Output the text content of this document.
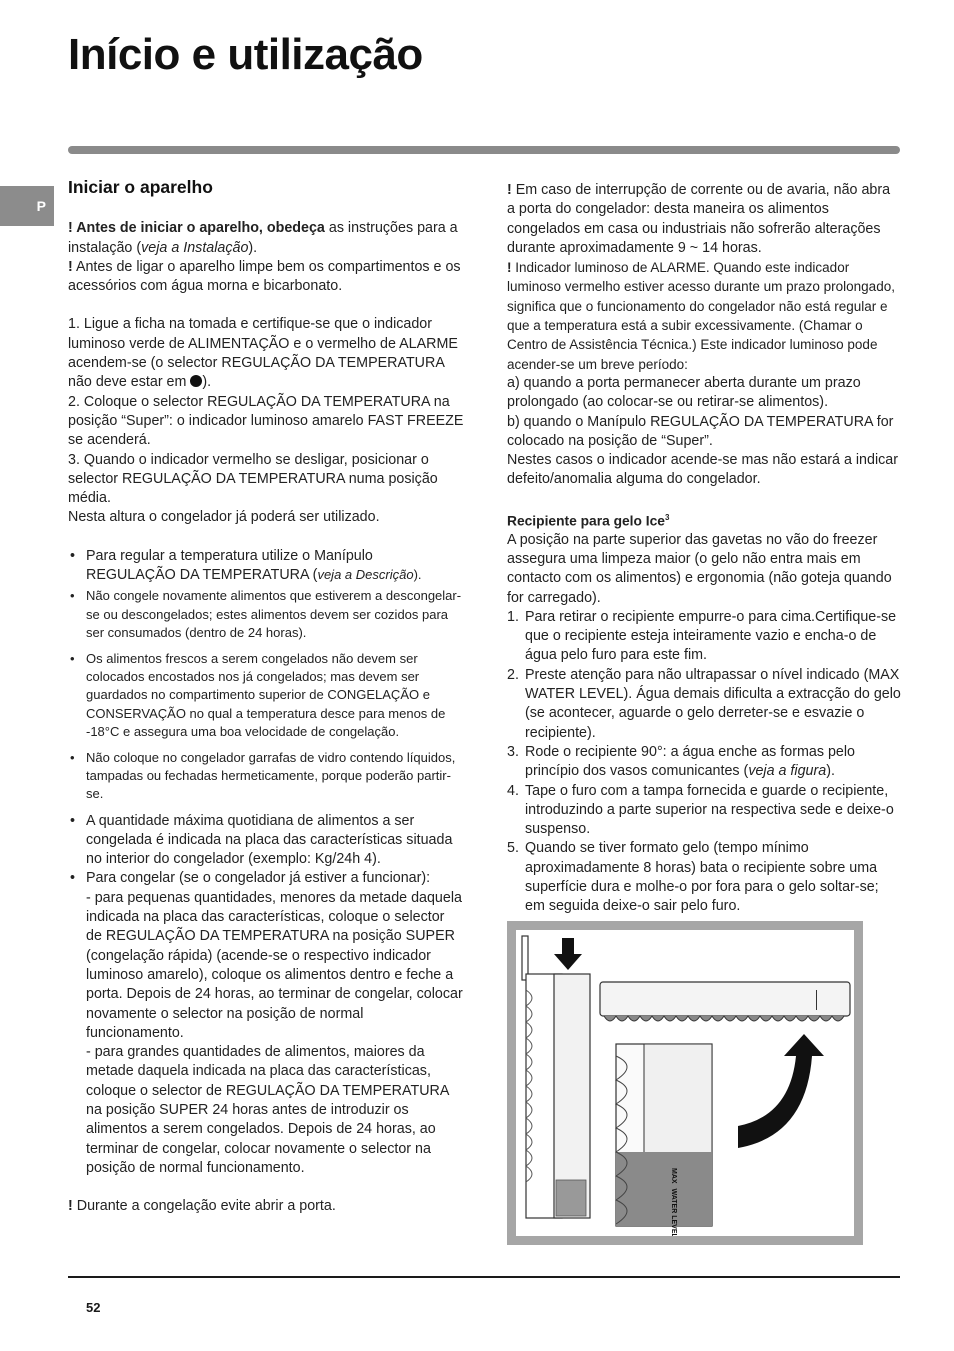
Início e utilização
P
Iniciar o aparelho

! Antes de iniciar o aparelho, obedeça as instruções para a instalação (veja a Instalação).

! Antes de ligar o aparelho limpe bem os compartimentos e os acessórios com água morna e bicarbonato.

1. Ligue a ficha na tomada e certifique-se que o indicador luminoso verde de ALIMENTAÇÃO e o vermelho de ALARME acendem-se (o selector REGULAÇÃO DA TEMPERATURA não deve estar em ).

2. Coloque o selector REGULAÇÃO DA TEMPERATURA na posição “Super”: o indicador luminoso amarelo FAST FREEZE se acenderá.

3. Quando o indicador vermelho se desligar, posicionar o selector REGULAÇÃO DA TEMPERATURA numa posição média.

Nesta altura o congelador já poderá ser utilizado.

• Para regular a temperatura utilize o Manípulo REGULAÇÃO DA TEMPERATURA (veja a Descrição).
• Não congele novamente alimentos que estiverem a descongelar-se ou descongelados; estes alimentos devem ser cozidos para ser consumados (dentro de 24 horas).
• Os alimentos frescos a serem congelados não devem ser colocados encostados nos já congelados; mas devem ser guardados no compartimento superior de CONGELAÇÃO e CONSERVAÇÃO no qual a temperatura desce para menos de -18°C e assegura uma boa velocidade de congelação.
• Não coloque no congelador garrafas de vidro contendo líquidos, tampadas ou fechadas hermeticamente, porque poderão partir-se.
• A quantidade máxima quotidiana de alimentos a ser congelada é indicada na placa das características situada no interior do congelador (exemplo: Kg/24h 4).

• Para congelar (se o congelador já estiver a funcionar):

- para pequenas quantidades, menores da metade daquela indicada na placa das características, coloque o selector de REGULAÇÃO DA TEMPERATURA na posição SUPER (congelação rápida) (acende-se o respectivo indicador luminoso amarelo), coloque os alimentos dentro e feche a porta. Depois de 24 horas, ao terminar de congelar, colocar novamente o selector na posição de normal funcionamento.

- para grandes quantidades de alimentos, maiores da metade daquela indicada na placa das características, coloque o selector de REGULAÇÃO DA TEMPERATURA na posição SUPER 24 horas antes de introduzir os alimentos a serem congelados. Depois de 24 horas, ao terminar de congelar, colocar novamente o selector na posição de normal funcionamento.

! Durante a congelação evite abrir a porta.

! Em caso de interrupção de corrente ou de avaria, não abra a porta do congelador: desta maneira os alimentos congelados em casa ou industriais não sofrerão alterações durante aproximadamente 9 ~ 14 horas.

! Indicador luminoso de ALARME. Quando este indicador luminoso vermelho estiver acesso durante um prazo prolongado, significa que o funcionamento do congelador não está regular e que a temperatura está a subir excessivamente. (Chamar o Centro de Assistência Técnica.) Este indicador luminoso pode acender-se um breve período:

a) quando a porta permanecer aberta durante um prazo prolongado (ao colocar-se ou retirar-se alimentos).

b) quando o Manípulo REGULAÇÃO DA TEMPERATURA for colocado na posição de “Super”.

Nestes casos o indicador acende-se mas não estará a indicar defeito/anomalia alguma do congelador.

Recipiente para gelo Ice$^3$

A posição na parte superior das gavetas no vão do freezer assegura uma limpeza maior (o gelo não entra mais em contacto com os alimentos) e ergonomia (não goteja quando for carregado).

1. Para retirar o recipiente empurre-o para cima.Certifique-se que o recipiente esteja inteiramente vazio e encha-o de água pelo furo para este fim.
2. Preste atenção para não ultrapassar o nível indicado (MAX WATER LEVEL). Água demais dificulta a extracção do gelo (se acontecer, aguarde o gelo derreter-se e esvazie o recipiente).
3. Rode o recipiente 90°: a água enche as formas pelo princípio dos vasos comunicantes (veja a figura).
4. Tape o furo com a tampa fornecida e guarde o recipiente, introduzindo a parte superior na respectiva sede e deixe-o suspenso.
5. Quando se tiver formato gelo (tempo mínimo aproximadamente 8 horas) bata o recipiente sobre uma superfície dura e molhe-o por fora para o gelo soltar-se; em seguida deixe-o sair pelo furo.
MAX WATER LEVEL
52
